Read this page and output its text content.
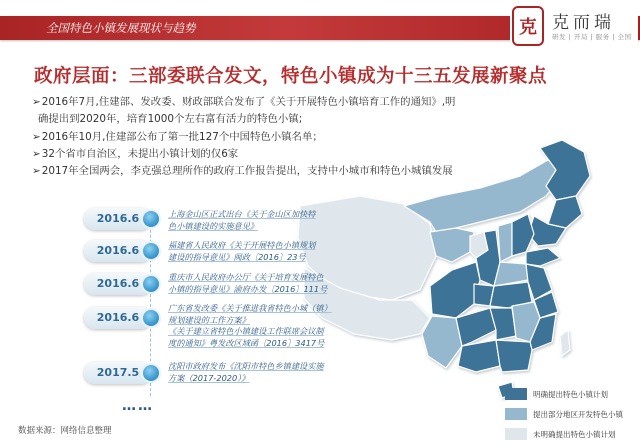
全国特色小镇发展现状与趋势	克 克而瑞
研发 | 开局 | 服务 | 全国
政府层面：三部委联合发文，特色小镇成为十三五发展新聚点
➢2016年7月,住建部、发改委、财政部联合发布了《关于开展特色小镇培育工作的通知》,明
确提出到2020年，培育1000个左右富有活力的特色小镇;
➢2016年10月,住建部公布了第一批127个中国特色小镇名单；
➢32个省市自治区，未提出小镇计划的仅6家
➢2017年全国两会，李克强总理所作的政府工作报告提出，支持中小城市和特色小城镇发展
2016.6	上海金山区正式出台《关于金山区加快特
色小镇建设的实施意见》
2016.6	福建省人民政府《关于开展特色小镇规划
建设的指导意见》闽政〔2016〕23号
2016.6	重庆市人民政府办公厅《关于培育发展特色
小镇的指导意见》渝府办发〔2016〕111号
2016.6
广东省发改委《关于推进我省特色小城（镇）
规划建设的工作方案》
《关于建立省特色小镇建设工作联席会议制
度的通知》粤发改区域函〔2016〕3417号
2017.5	沈阳市政府发布《沈阳市特色乡镇建设实施
方案（2017-2020）》
……
数据来源：网络信息整理
明确提出特色小镇计划
提出部分地区开发特色小镇
未明确提出特色小镇计划
